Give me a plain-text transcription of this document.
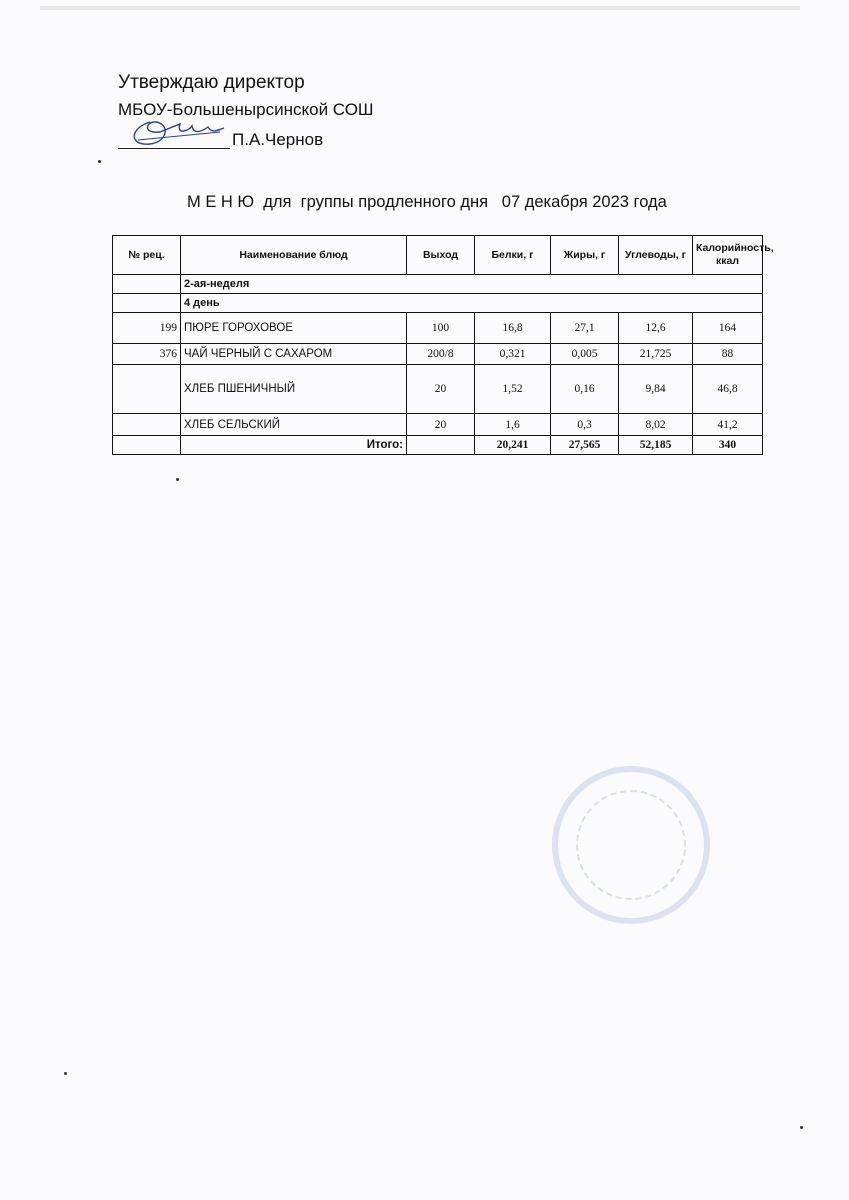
Утверждаю директор
МБОУ-Большенырсинской СОШ
П.А.Чернов
М Е Н Ю  для  группы продленного дня   07 декабря 2023 года
№ рец.	Наименование блюд	Выход	Белки, г	Жиры, г	Углеводы, г	Калорийность, ккал
	2-ая-неделя					
	4 день					
199	ПЮРЕ ГОРОХОВОЕ	100	16,8	27,1	12,6	164
376	ЧАЙ ЧЕРНЫЙ С САХАРОМ	200/8	0,321	0,005	21,725	88
	ХЛЕБ ПШЕНИЧНЫЙ	20	1,52	0,16	9,84	46,8
	ХЛЕБ СЕЛЬСКИЙ	20	1,6	0,3	8,02	41,2
	Итого:		20,241	27,565	52,185	340
